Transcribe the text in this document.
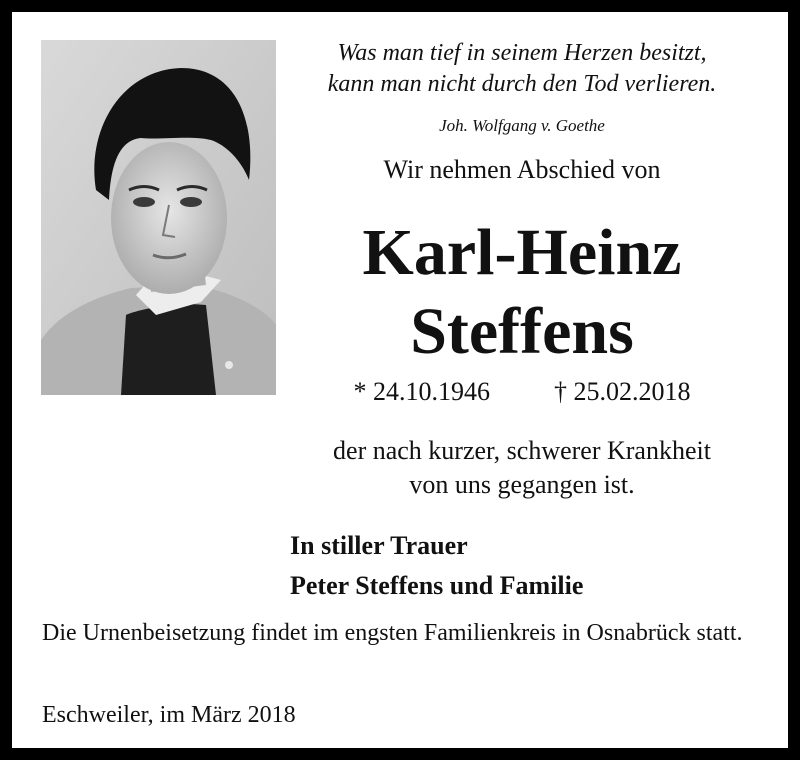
Was man tief in seinem Herzen besitzt,
kann man nicht durch den Tod verlieren.
Joh. Wolfgang v. Goethe
Wir nehmen Abschied von
Karl-Heinz
Steffens
* 24.10.1946 † 25.02.2018
der nach kurzer, schwerer Krankheit
von uns gegangen ist.
In stiller Trauer
Peter Steffens und Familie
Die Urnenbeisetzung findet im engsten Familienkreis in Osnabrück statt.
Eschweiler, im März 2018
